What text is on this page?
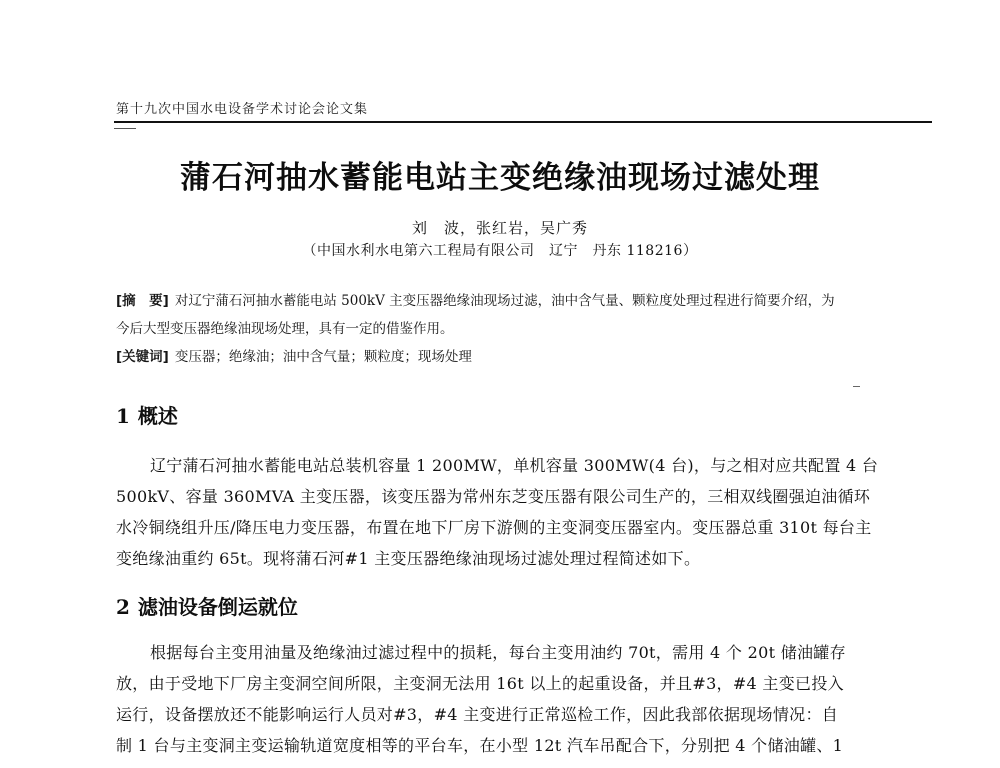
第十九次中国水电设备学术讨论会论文集
蒲石河抽水蓄能电站主变绝缘油现场过滤处理
刘　波，张红岩，吴广秀
（中国水利水电第六工程局有限公司　辽宁　丹东 118216）
[摘　要] 对辽宁蒲石河抽水蓄能电站 500kV 主变压器绝缘油现场过滤，油中含气量、颗粒度处理过程进行简要介绍，为
今后大型变压器绝缘油现场处理，具有一定的借鉴作用。
[关键词] 变压器；绝缘油；油中含气量；颗粒度；现场处理
1 概述
辽宁蒲石河抽水蓄能电站总装机容量 1 200MW，单机容量 300MW(4 台)，与之相对应共配置 4 台
500kV、容量 360MVA 主变压器，该变压器为常州东芝变压器有限公司生产的，三相双线圈强迫油循环
水冷铜绕组升压/降压电力变压器，布置在地下厂房下游侧的主变洞变压器室内。变压器总重 310t 每台主
变绝缘油重约 65t。现将蒲石河#1 主变压器绝缘油现场过滤处理过程简述如下。
2 滤油设备倒运就位
根据每台主变用油量及绝缘油过滤过程中的损耗，每台主变用油约 70t，需用 4 个 20t 储油罐存
放，由于受地下厂房主变洞空间所限，主变洞无法用 16t 以上的起重设备，并且#3，#4 主变已投入
运行，设备摆放还不能影响运行人员对#3，#4 主变进行正常巡检工作，因此我部依据现场情况：自
制 1 台与主变洞主变运输轨道宽度相等的平台车，在小型 12t 汽车吊配合下，分别把 4 个储油罐、1
